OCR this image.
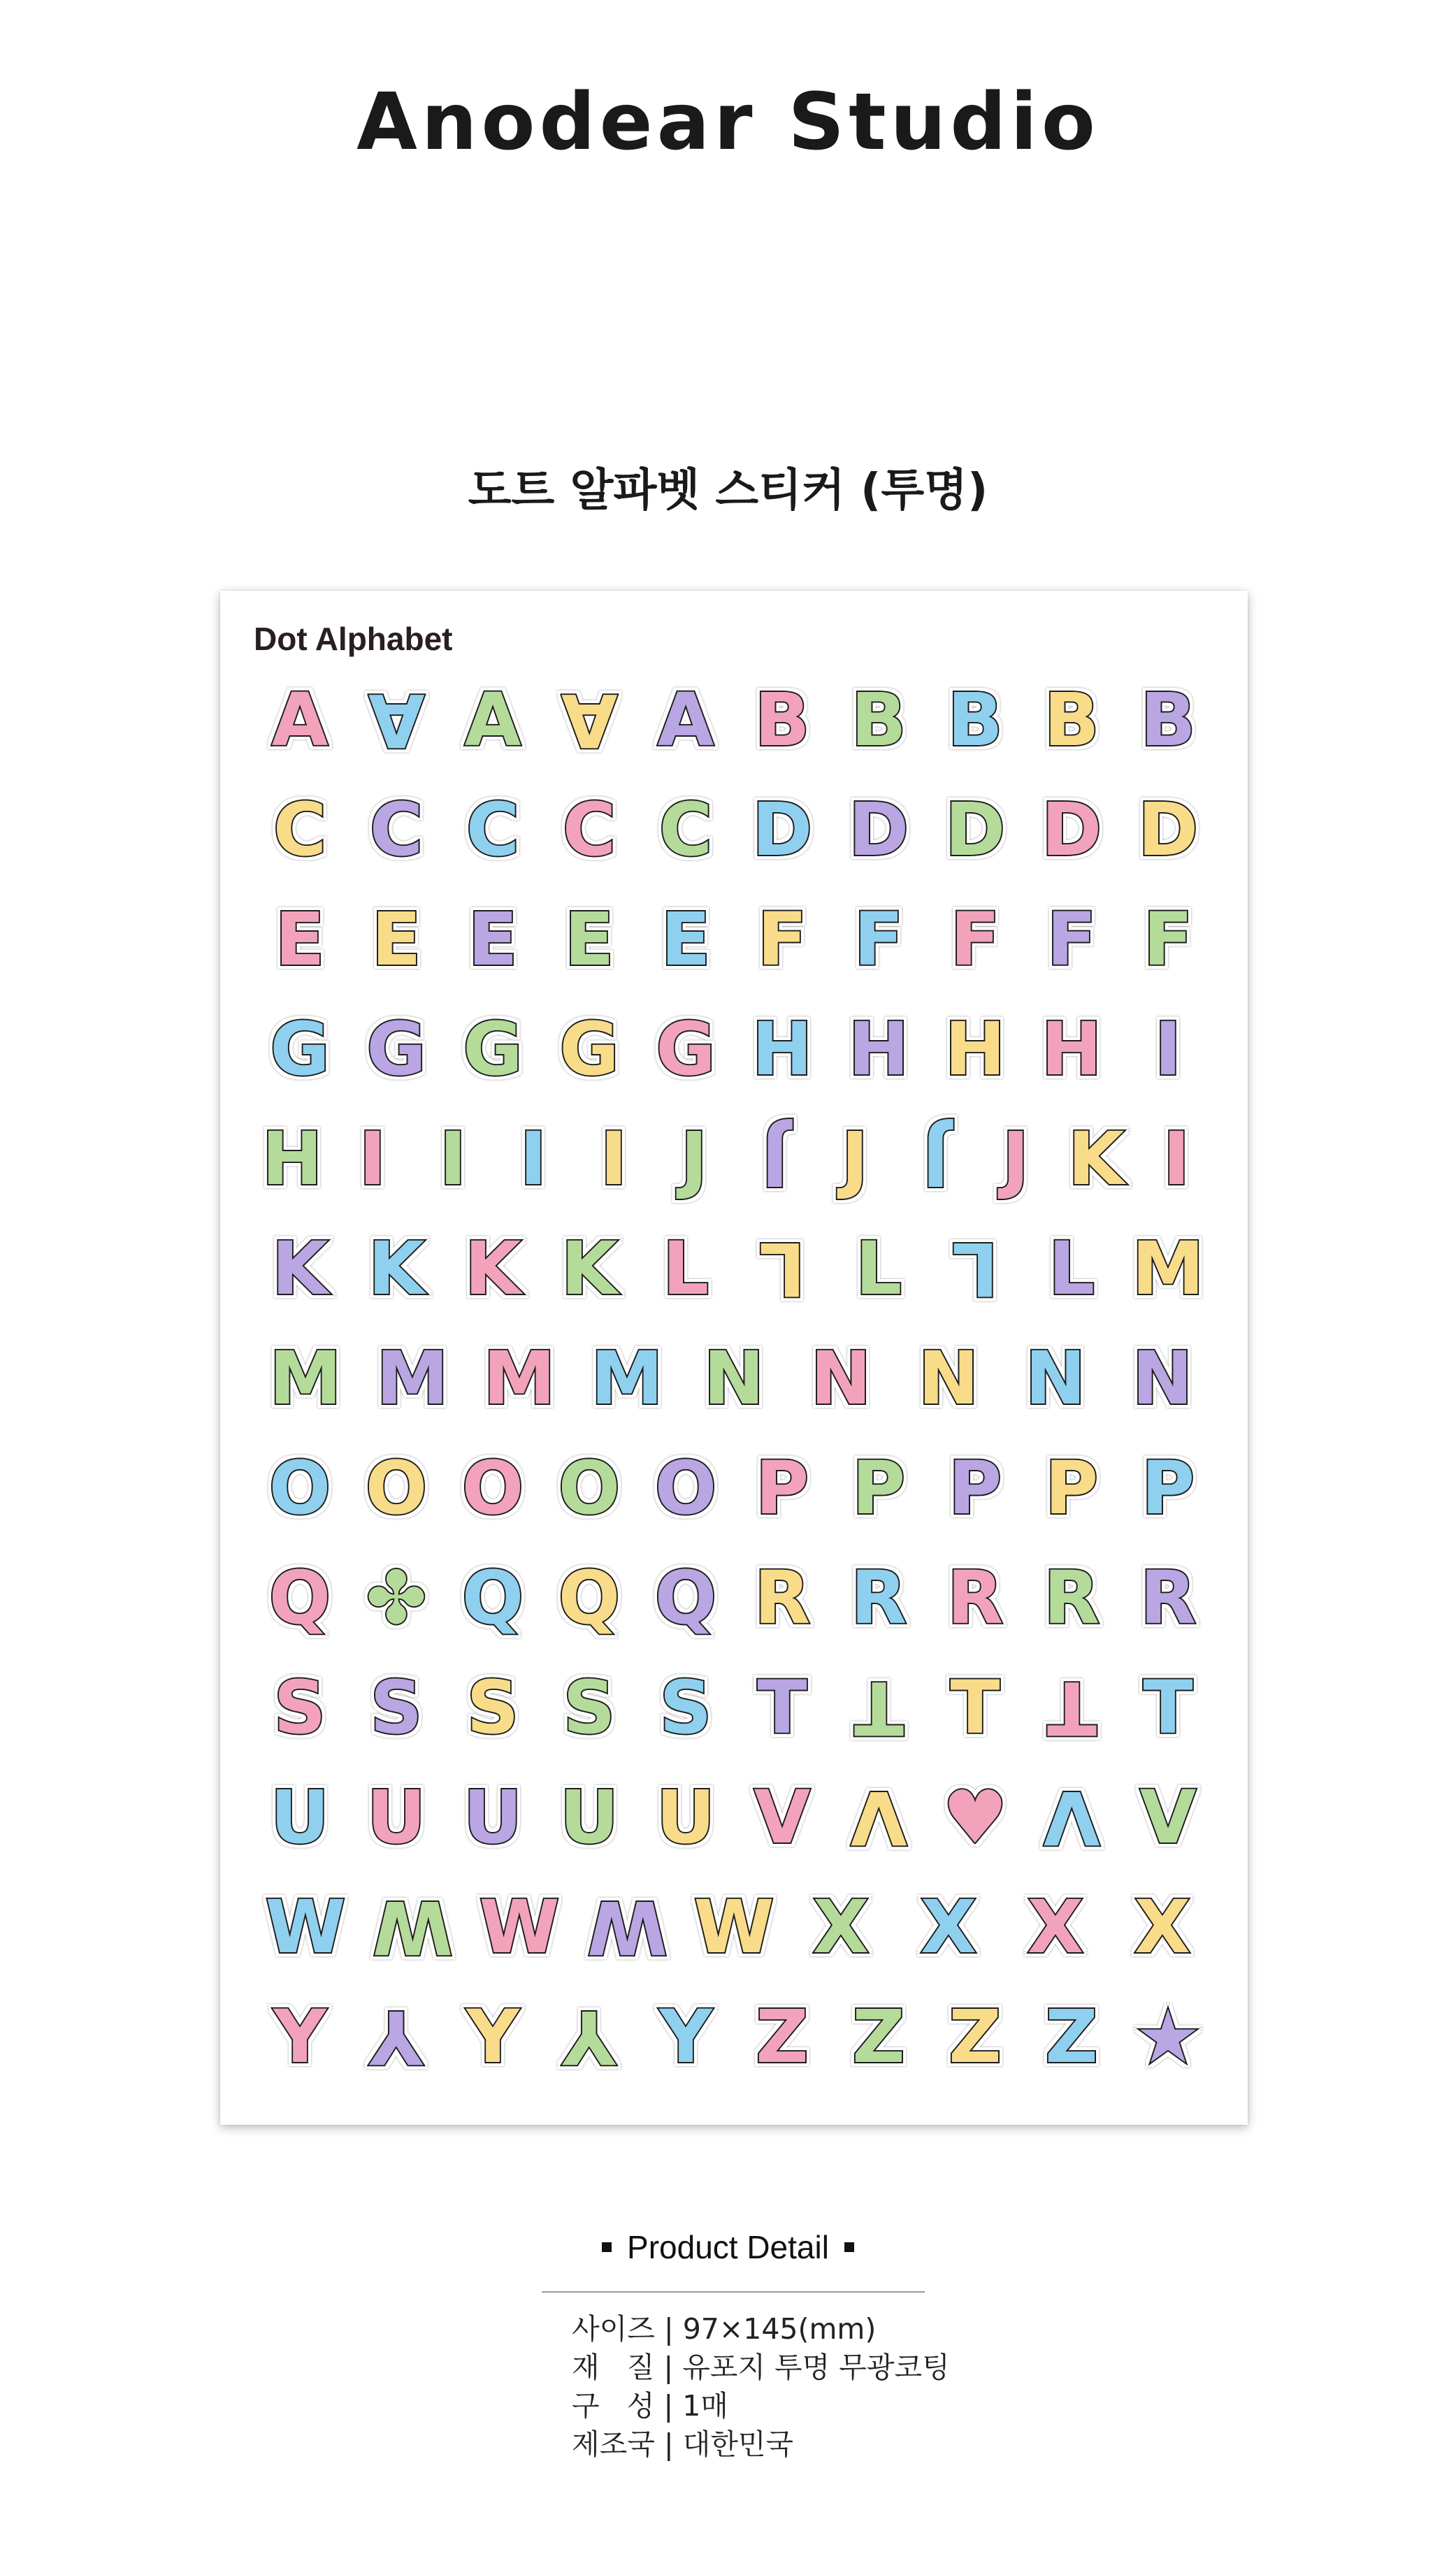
Anodear Studio
도트 알파벳 스티커 (투명)
Dot Alphabet
A A A A A B B B B B
C C C C C D D D D D
E E E E E F F F F F
G G G G G H H H H I
H I I I I J J J J J K I
K K K K L L L L L M
M M M M N N N N N
O O O O O P P P P P
Q ✤ Q Q Q R R R R R
S S S S S T T T T T
U U U U U V V ♥ V V
W W W W W X X X X
Y Y Y Y Y Z Z Z Z ★
Product Detail
사이즈 | 97×145(mm)
재   질 | 유포지 투명 무광코팅
구   성 | 1매
제조국 | 대한민국
